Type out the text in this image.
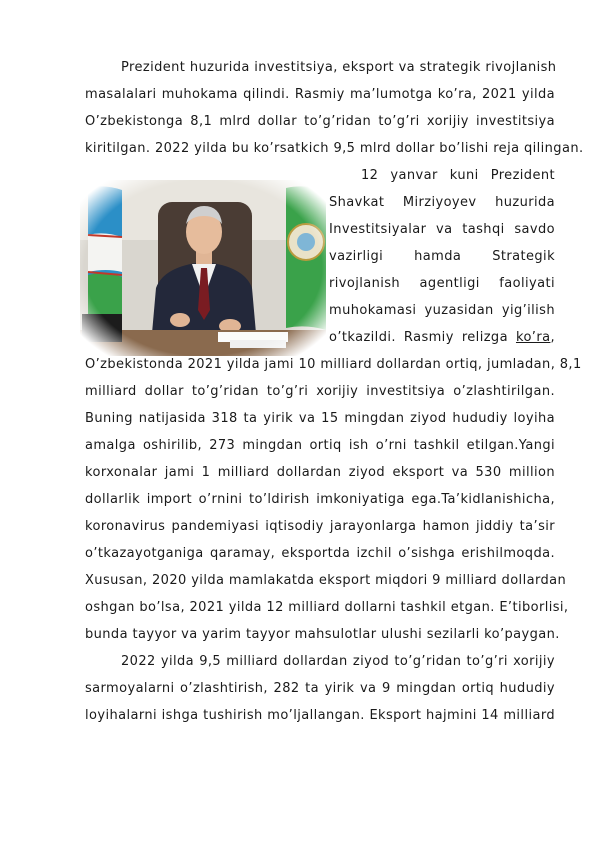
Prezident huzurida investitsiya, eksport va strategik rivojlanish
masalalari muhokama qilindi. Rasmiy ma’lumotga ko’ra, 2021 yilda
O’zbekistonga 8,1 mlrd dollar to’g’ridan to’g’ri xorijiy investitsiya
kiritilgan. 2022 yilda bu ko’rsatkich 9,5 mlrd dollar bo’lishi reja qilingan.
12 yanvar kuni Prezident
Shavkat Mirziyoyev huzurida
Investitsiyalar va tashqi savdo
vazirligi hamda Strategik
rivojlanish agentligi faoliyati
muhokamasi yuzasidan yig’ilish
o’tkazildi. Rasmiy relizga ko’ra,
O’zbekistonda 2021 yilda jami 10 milliard dollardan ortiq, jumladan, 8,1
milliard dollar to’g’ridan to’g’ri xorijiy investitsiya o’zlashtirilgan.
Buning natijasida 318 ta yirik va 15 mingdan ziyod hududiy loyiha
amalga oshirilib, 273 mingdan ortiq ish o’rni tashkil etilgan.Yangi
korxonalar jami 1 milliard dollardan ziyod eksport va 530 million
dollarlik import o’rnini to’ldirish imkoniyatiga ega.Ta’kidlanishicha,
koronavirus pandemiyasi iqtisodiy jarayonlarga hamon jiddiy ta’sir
o’tkazayotganiga qaramay, eksportda izchil o’sishga erishilmoqda.
Xususan, 2020 yilda mamlakatda eksport miqdori 9 milliard dollardan
oshgan bo’lsa, 2021 yilda 12 milliard dollarni tashkil etgan. E’tiborlisi,
bunda tayyor va yarim tayyor mahsulotlar ulushi sezilarli ko’paygan.
2022 yilda 9,5 milliard dollardan ziyod to’g’ridan to’g’ri xorijiy
sarmoyalarni o’zlashtirish, 282 ta yirik va 9 mingdan ortiq hududiy
loyihalarni ishga tushirish mo’ljallangan. Eksport hajmini 14 milliard
